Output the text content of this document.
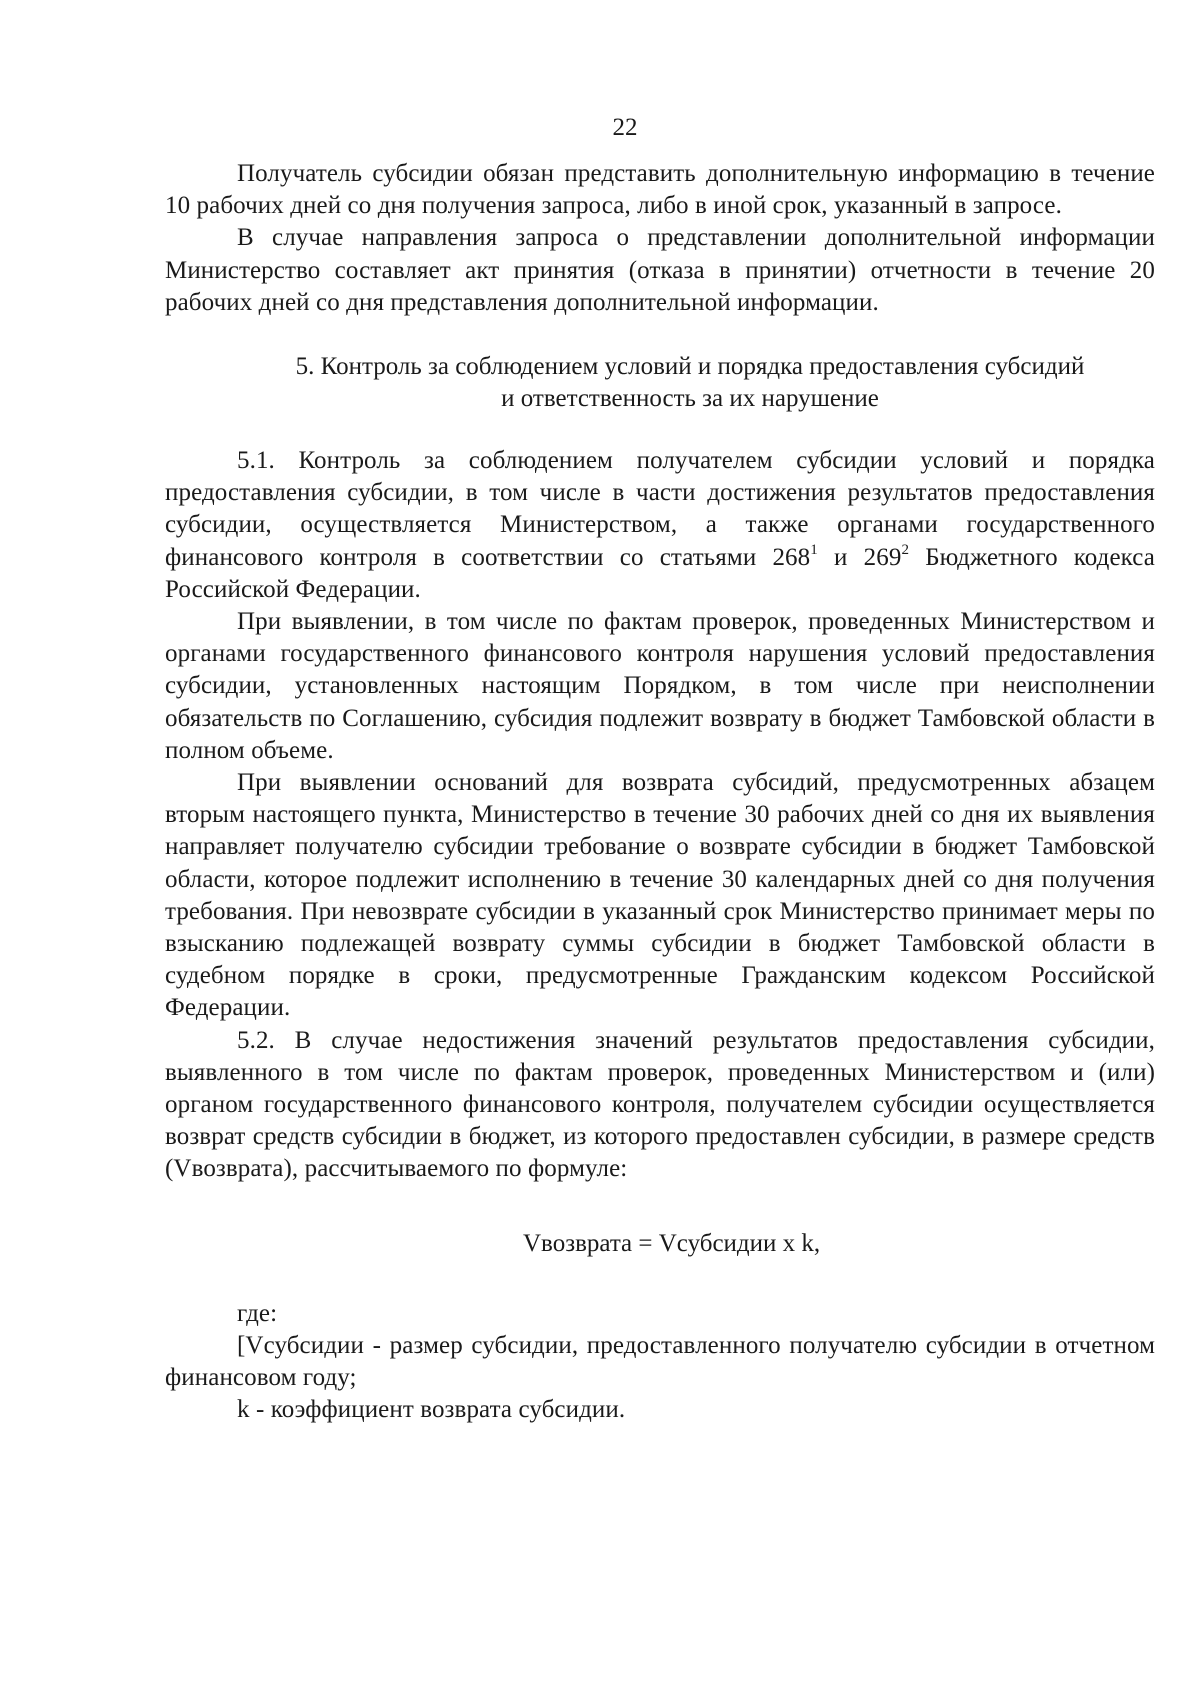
22

Получатель субсидии обязан представить дополнительную информацию в течение 10 рабочих дней со дня получения запроса, либо в иной срок, указанный в запросе.

В случае направления запроса о представлении дополнительной информации Министерство составляет акт принятия (отказа в принятии) отчетности в течение 20 рабочих дней со дня представления дополнительной информации.

5. Контроль за соблюдением условий и порядка предоставления субсидий

и ответственность за их нарушение

5.1. Контроль за соблюдением получателем субсидии условий и порядка предоставления субсидии, в том числе в части достижения результатов предоставления субсидии, осуществляется Министерством, а также органами государственного финансового контроля в соответствии со статьями $268^1$ и $269^2$ Бюджетного кодекса Российской Федерации.

При выявлении, в том числе по фактам проверок, проведенных Министерством и органами государственного финансового контроля нарушения условий предоставления субсидии, установленных настоящим Порядком, в том числе при неисполнении обязательств по Соглашению, субсидия подлежит возврату в бюджет Тамбовской области в полном объеме.

При выявлении оснований для возврата субсидий, предусмотренных абзацем вторым настоящего пункта, Министерство в течение 30 рабочих дней со дня их выявления направляет получателю субсидии требование о возврате субсидии в бюджет Тамбовской области, которое подлежит исполнению в течение 30 календарных дней со дня получения требования. При невозврате субсидии в указанный срок Министерство принимает меры по взысканию подлежащей возврату суммы субсидии в бюджет Тамбовской области в судебном порядке в сроки, предусмотренные Гражданским кодексом Российской Федерации.

5.2. В случае недостижения значений результатов предоставления субсидии, выявленного в том числе по фактам проверок, проведенных Министерством и (или) органом государственного финансового контроля, получателем субсидии осуществляется возврат средств субсидии в бюджет, из которого предоставлен субсидии, в размере средств (Vвозврата), рассчитываемого по формуле:

Vвозврата = Vсубсидии x k,

где:

[Vсубсидии - размер субсидии, предоставленного получателю субсидии в отчетном финансовом году;

k - коэффициент возврата субсидии.
